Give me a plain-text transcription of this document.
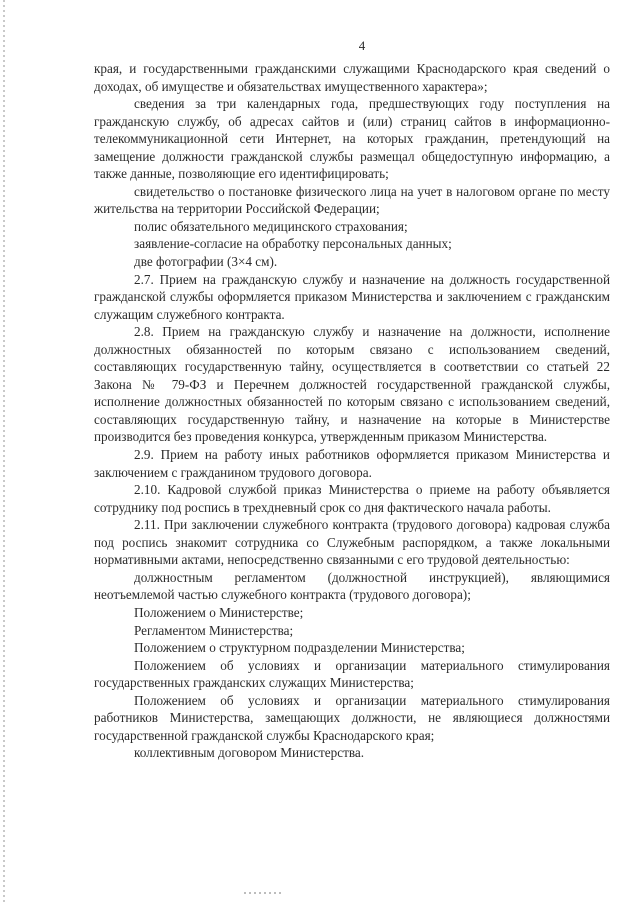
4

края, и государственными гражданскими служащими Краснодарского края сведений о доходах, об имуществе и обязательствах имущественного характера»;

сведения за три календарных года, предшествующих году поступления на гражданскую службу, об адресах сайтов и (или) страниц сайтов в информационно-телекоммуникационной сети Интернет, на которых гражданин, претендующий на замещение должности гражданской службы размещал общедоступную информацию, а также данные, позволяющие его идентифицировать;

свидетельство о постановке физического лица на учет в налоговом органе по месту жительства на территории Российской Федерации;

полис обязательного медицинского страхования;

заявление-согласие на обработку персональных данных;

две фотографии (3×4 см).

2.7. Прием на гражданскую службу и назначение на должность государственной гражданской службы оформляется приказом Министерства и заключением с гражданским служащим служебного контракта.

2.8. Прием на гражданскую службу и назначение на должности, исполнение должностных обязанностей по которым связано с использованием сведений, составляющих государственную тайну, осуществляется в соответствии со статьей 22 Закона № 79-ФЗ и Перечнем должностей государственной гражданской службы, исполнение должностных обязанностей по которым связано с использованием сведений, составляющих государственную тайну, и назначение на которые в Министерстве производится без проведения конкурса, утвержденным приказом Министерства.

2.9. Прием на работу иных работников оформляется приказом Министерства и заключением с гражданином трудового договора.

2.10. Кадровой службой приказ Министерства о приеме на работу объявляется сотруднику под роспись в трехдневный срок со дня фактического начала работы.

2.11. При заключении служебного контракта (трудового договора) кадровая служба под роспись знакомит сотрудника со Служебным распорядком, а также локальными нормативными актами, непосредственно связанными с его трудовой деятельностью:

должностным регламентом (должностной инструкцией), являющимися неотъемлемой частью служебного контракта (трудового договора);

Положением о Министерстве;

Регламентом Министерства;

Положением о структурном подразделении Министерства;

Положением об условиях и организации материального стимулирования государственных гражданских служащих Министерства;

Положением об условиях и организации материального стимулирования работников Министерства, замещающих должности, не являющиеся должностями государственной гражданской службы Краснодарского края;

коллективным договором Министерства.
